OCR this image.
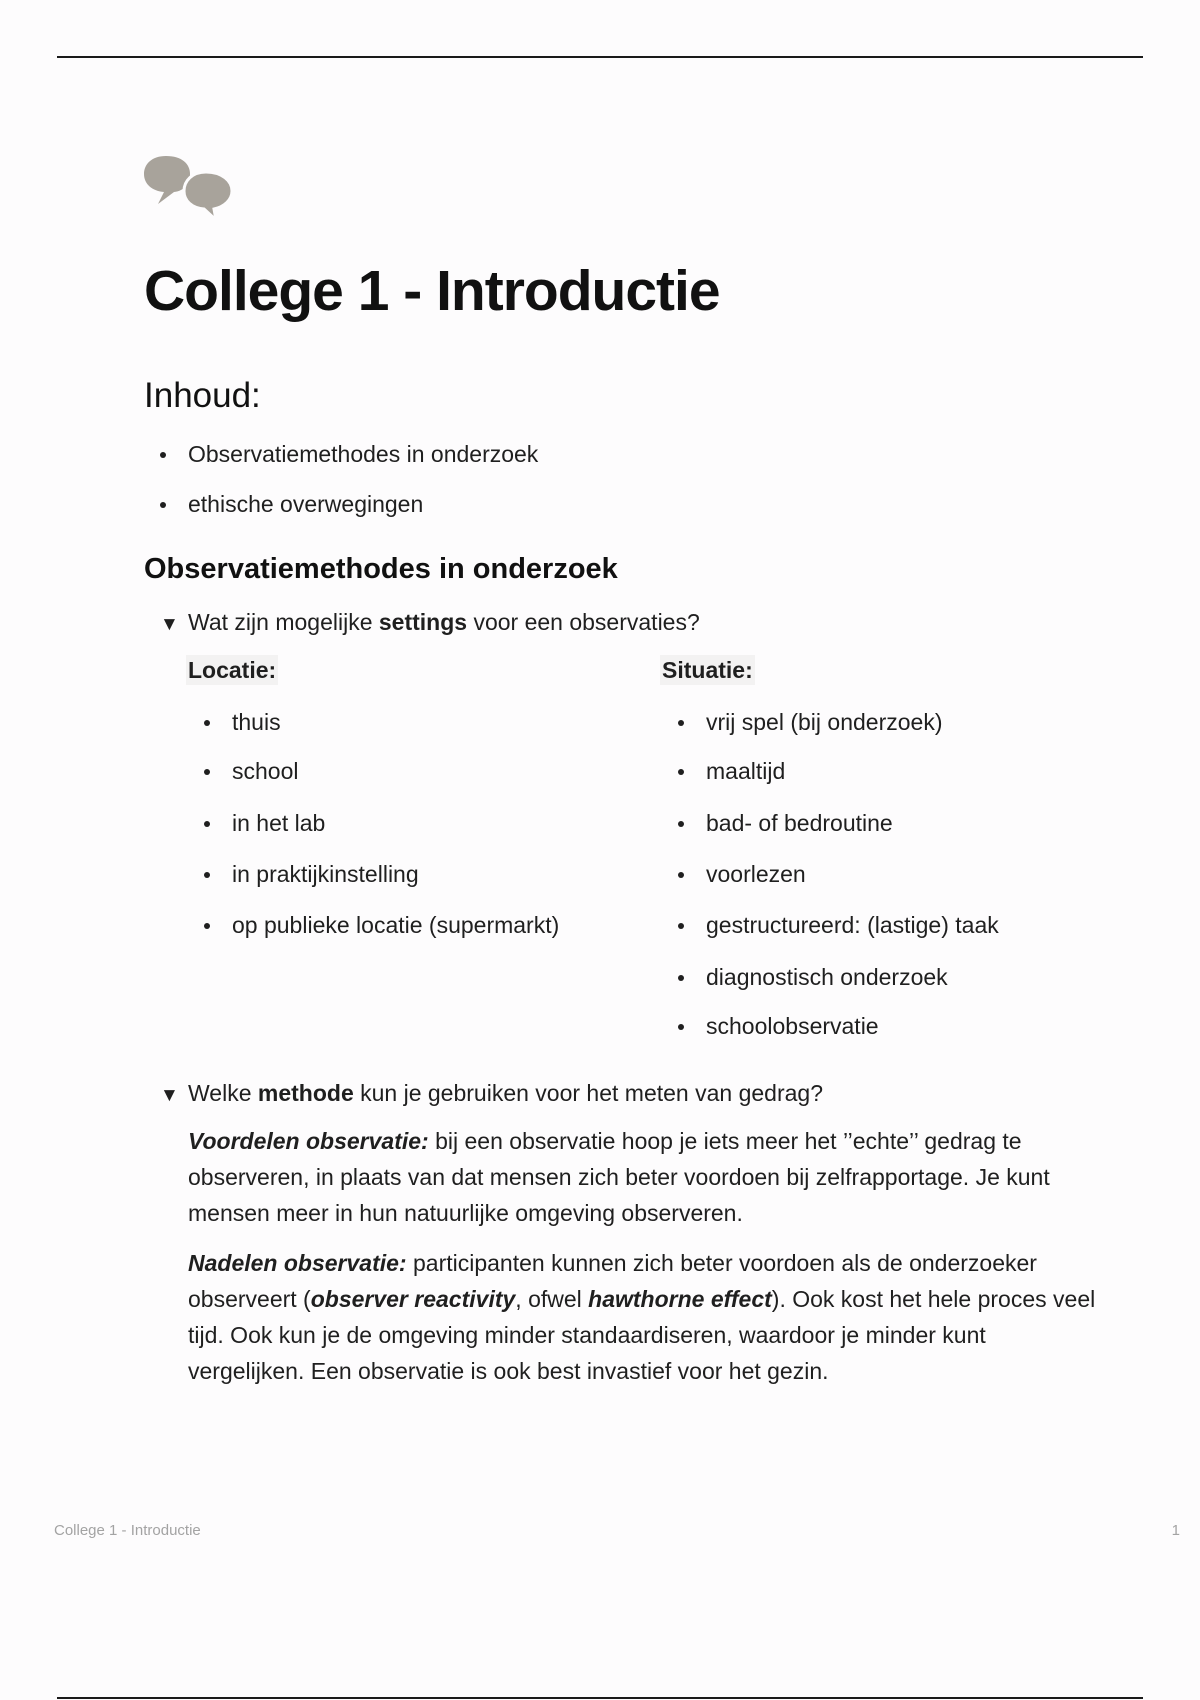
College 1 - Introductie
Inhoud:
Observatiemethodes in onderzoek
ethische overwegingen
Observatiemethodes in onderzoek
▼ Wat zijn mogelijke settings voor een observaties?
Locatie:	Situatie:
thuis
school
in het lab
in praktijkinstelling
op publieke locatie (supermarkt)
vrij spel (bij onderzoek)
maaltijd
bad- of bedroutine
voorlezen
gestructureerd: (lastige) taak
diagnostisch onderzoek
schoolobservatie
▼ Welke methode kun je gebruiken voor het meten van gedrag?

Voordelen observatie: bij een observatie hoop je iets meer het ’’echte’’ gedrag te observeren, in plaats van dat mensen zich beter voordoen bij zelfrapportage. Je kunt mensen meer in hun natuurlijke omgeving observeren.

Nadelen observatie: participanten kunnen zich beter voordoen als de onderzoeker observeert (observer reactivity, ofwel hawthorne effect). Ook kost het hele proces veel tijd. Ook kun je de omgeving minder standaardiseren, waardoor je minder kunt vergelijken. Een observatie is ook best invastief voor het gezin.

College 1 - Introductie	1
